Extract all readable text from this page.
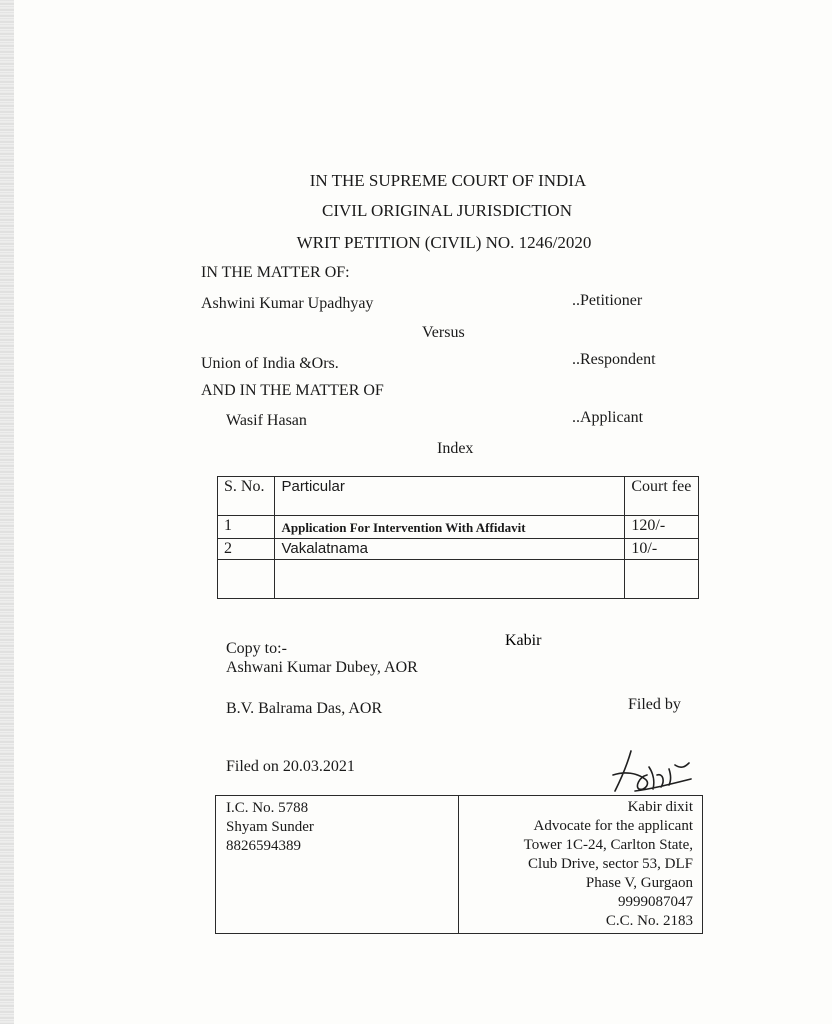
IN THE SUPREME COURT OF INDIA
CIVIL ORIGINAL JURISDICTION
WRIT PETITION (CIVIL) NO. 1246/2020
IN THE MATTER OF:
Ashwini Kumar Upadhyay	..Petitioner
Versus
Union of India &Ors.	..Respondent
AND IN THE MATTER OF
Wasif Hasan	..Applicant
Index
S. No.	Particular	Court fee
1	Application For Intervention With Affidavit	120/-
2	Vakalatnama	10/-

Copy to:-
Ashwani Kumar Dubey, AOR
B.V. Balrama Das, AOR	Filed by
Filed on 20.03.2021
Kabir
I.C. No. 5788
Shyam Sunder
8826594389
Kabir dixit
Advocate for the applicant
Tower 1C-24, Carlton State,
Club Drive, sector 53, DLF
Phase V, Gurgaon
9999087047
C.C. No. 2183
